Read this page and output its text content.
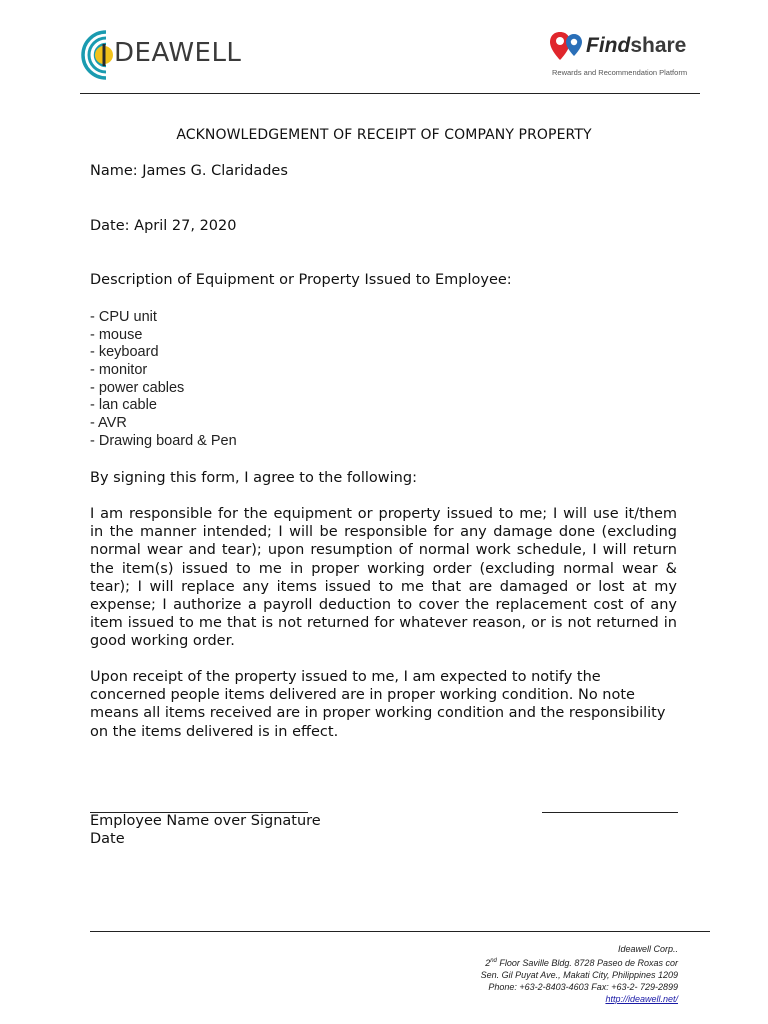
DEAWELL	Findshare
Rewards and Recommendation Platform
ACKNOWLEDGEMENT OF RECEIPT OF COMPANY PROPERTY
Name: James G. Claridades
Date: April 27, 2020
Description of Equipment or Property Issued to Employee:
- CPU unit
- mouse
- keyboard
- monitor
- power cables
- lan cable
- AVR
- Drawing board & Pen
By signing this form, I agree to the following:

I am responsible for the equipment or property issued to me; I will use it/them in the manner intended; I will be responsible for any damage done (excluding normal wear and tear); upon resumption of normal work schedule, I will return the item(s) issued to me in proper working order (excluding normal wear & tear); I will replace any items issued to me that are damaged or lost at my expense; I authorize a payroll deduction to cover the replacement cost of any item issued to me that is not returned for whatever reason, or is not returned in good working order.

Upon receipt of the property issued to me, I am expected to notify the concerned people items delivered are in proper working condition. No note means all items received are in proper working condition and the responsibility on the items delivered is in effect.

Employee Name over Signature
Date
Ideawell Corp..
2nd Floor Saville Bldg. 8728 Paseo de Roxas cor
Sen. Gil Puyat Ave., Makati City, Philippines 1209
Phone: +63-2-8403-4603 Fax: +63-2- 729-2899
http://ideawell.net/
